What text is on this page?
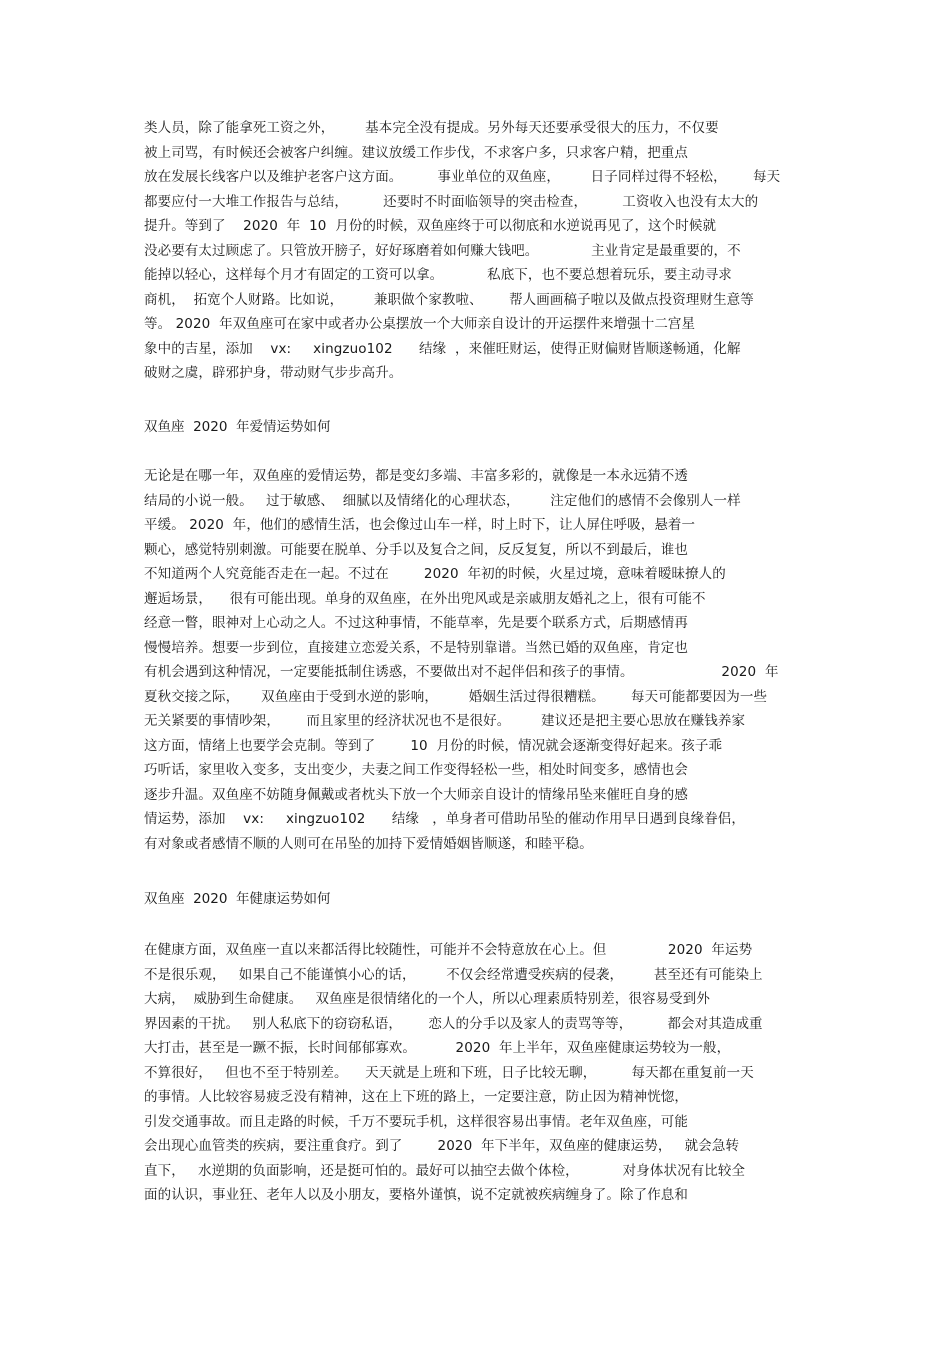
类人员，除了能拿死工资之外，       基本完全没有提成。另外每天还要承受很大的压力，不仅要
被上司骂，有时候还会被客户纠缠。建议放缓工作步伐，不求客户多，只求客户精，把重点
放在发展长线客户以及维护老客户这方面。        事业单位的双鱼座，       日子同样过得不轻松，      每天
都要应付一大堆工作报告与总结，        还要时不时面临领导的突击检查，        工资收入也没有太大的
提升。等到了    2020  年  10  月份的时候，双鱼座终于可以彻底和水逆说再见了，这个时候就
没必要有太过顾虑了。只管放开膀子，好好琢磨着如何赚大钱吧。            主业肯定是最重要的，不
能掉以轻心，这样每个月才有固定的工资可以拿。          私底下，也不要总想着玩乐，要主动寻求
商机，  拓宽个人财路。比如说，       兼职做个家教啦、      帮人画画稿子啦以及做点投资理财生意等
等。 2020  年双鱼座可在家中或者办公桌摆放一个大师亲自设计的开运摆件来增强十二宫星
象中的吉星，添加    vx:     xingzuo102      结缘  ，来催旺财运，使得正财偏财皆顺遂畅通，化解
破财之虞，辟邪护身，带动财气步步高升。

双鱼座  2020  年爱情运势如何

无论是在哪一年，双鱼座的爱情运势，都是变幻多端、丰富多彩的，就像是一本永远猜不透
结局的小说一般。   过于敏感、  细腻以及情绪化的心理状态，       注定他们的感情不会像别人一样
平缓。 2020  年，他们的感情生活，也会像过山车一样，时上时下，让人屏住呼吸，悬着一
颗心，感觉特别刺激。可能要在脱单、分手以及复合之间，反反复复，所以不到最后，谁也
不知道两个人究竟能否走在一起。不过在        2020  年初的时候，火星过境，意味着暧昧撩人的
邂逅场景，    很有可能出现。单身的双鱼座，在外出兜风或是亲戚朋友婚礼之上，很有可能不
经意一瞥，眼神对上心动之人。不过这种事情，不能草率，先是要个联系方式，后期感情再
慢慢培养。想要一步到位，直接建立恋爱关系，不是特别靠谱。当然已婚的双鱼座，肯定也
有机会遇到这种情况，一定要能抵制住诱惑，不要做出对不起伴侣和孩子的事情。                    2020  年
夏秋交接之际，     双鱼座由于受到水逆的影响，       婚姻生活过得很糟糕。      每天可能都要因为一些
无关紧要的事情吵架，      而且家里的经济状况也不是很好。       建议还是把主要心思放在赚钱养家
这方面，情绪上也要学会克制。等到了        10  月份的时候，情况就会逐渐变得好起来。孩子乖
巧听话，家里收入变多，支出变少，夫妻之间工作变得轻松一些，相处时间变多，感情也会
逐步升温。双鱼座不妨随身佩戴或者枕头下放一个大师亲自设计的情缘吊坠来催旺自身的感
情运势，添加    vx:     xingzuo102      结缘   ，单身者可借助吊坠的催动作用早日遇到良缘眷侣，
有对象或者感情不顺的人则可在吊坠的加持下爱情婚姻皆顺遂，和睦平稳。

双鱼座  2020  年健康运势如何

在健康方面，双鱼座一直以来都活得比较随性，可能并不会特意放在心上。但              2020  年运势
不是很乐观，   如果自己不能谨慎小心的话，       不仅会经常遭受疾病的侵袭，       甚至还有可能染上
大病，  威胁到生命健康。   双鱼座是很情绪化的一个人，所以心理素质特别差，很容易受到外
界因素的干扰。   别人私底下的窃窃私语，      恋人的分手以及家人的责骂等等，        都会对其造成重
大打击，甚至是一蹶不振，长时间郁郁寡欢。         2020  年上半年，双鱼座健康运势较为一般，
不算很好，   但也不至于特别差。    天天就是上班和下班，日子比较无聊，        每天都在重复前一天
的事情。人比较容易疲乏没有精神，这在上下班的路上，一定要注意，防止因为精神恍惚，
引发交通事故。而且走路的时候，千万不要玩手机，这样很容易出事情。老年双鱼座，可能
会出现心血管类的疾病，要注重食疗。到了        2020  年下半年，双鱼座的健康运势，   就会急转
直下，   水逆期的负面影响，还是挺可怕的。最好可以抽空去做个体检，          对身体状况有比较全
面的认识，事业狂、老年人以及小朋友，要格外谨慎，说不定就被疾病缠身了。除了作息和
